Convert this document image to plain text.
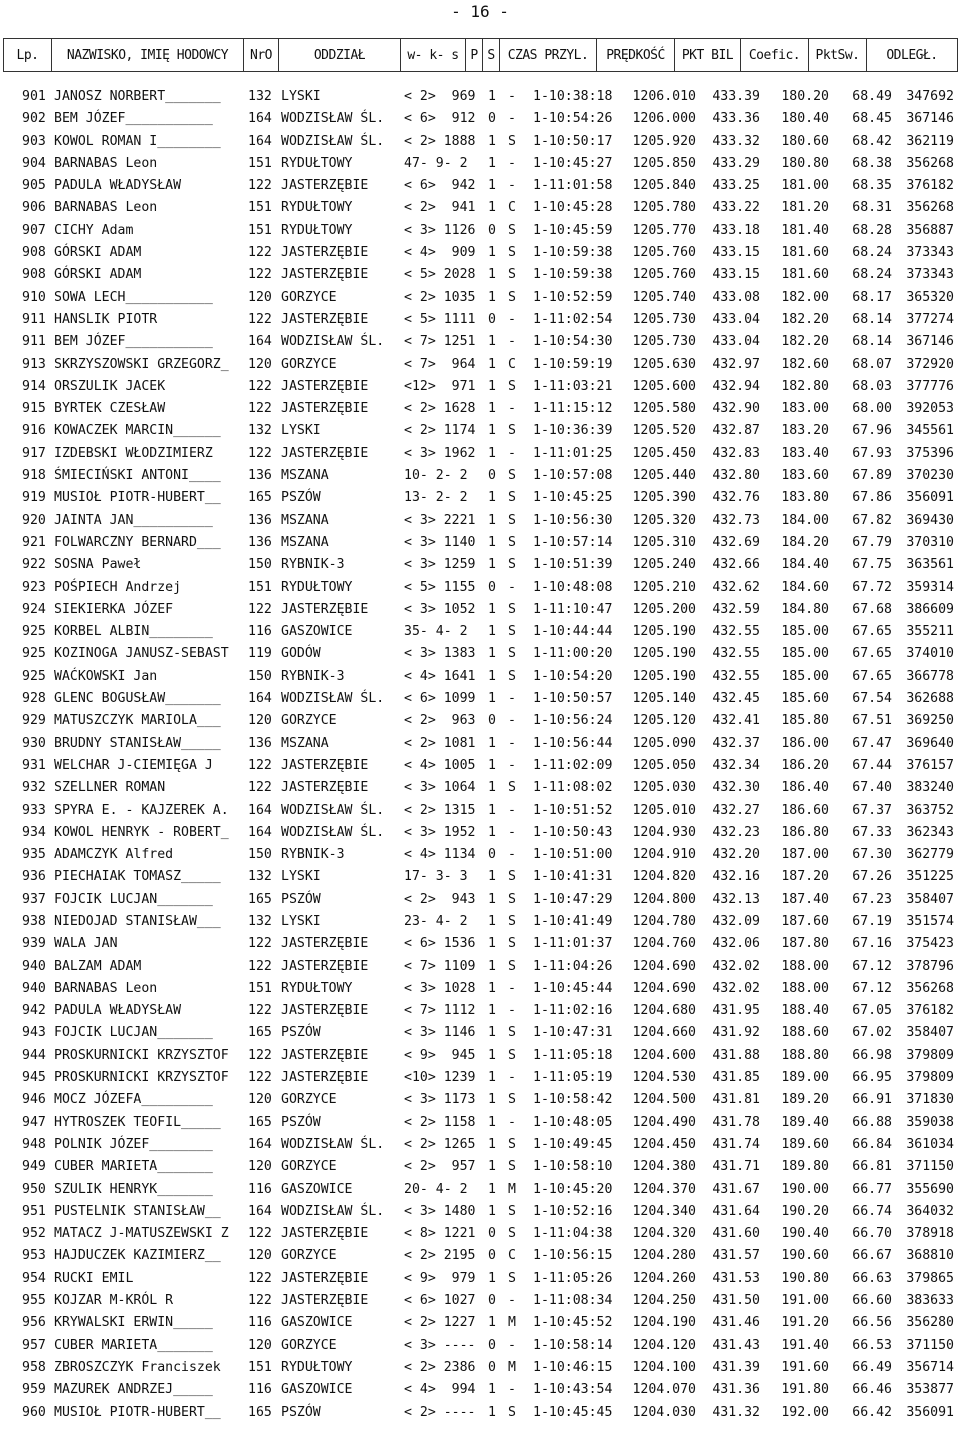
- 16 -
Lp.	NAZWISKO, IMIĘ HODOWCY	NrO	ODDZIAŁ	w- k- s	P	S	CZAS PRZYL.	PRĘDKOŚĆ	PKT BIL	Coefic.	PktSw.	ODLEGŁ.
901 JANOSZ NORBERT_______	132 LYSKI	< 2>  969 1 - 1-10:38:18 1206.010 433.39 180.20 68.49 347692
902 BEM JÓZEF___________	164 WODZISŁAW ŚL. < 6>  912 0 - 1-10:54:26 1206.000 433.36 180.40 68.45 367146
903 KOWOL ROMAN I________	164 WODZISŁAW ŚL. < 2> 1888 1 S 1-10:50:17 1205.920 433.32 180.60 68.42 362119
904 BARNABAS Leon	151 RYDUŁTOWY	47- 9- 2 1 - 1-10:45:27 1205.850 433.29 180.80 68.38 356268
905 PADULA WŁADYSŁAW	122 JASTERZĘBIE	< 6>  942 1 - 1-11:01:58 1205.840 433.25 181.00 68.35 376182
906 BARNABAS Leon	151 RYDUŁTOWY	< 2>  941 1 C 1-10:45:28 1205.780 433.22 181.20 68.31 356268
907 CICHY Adam	151 RYDUŁTOWY	< 3> 1126 0 S 1-10:45:59 1205.770 433.18 181.40 68.28 356887
908 GÓRSKI ADAM	122 JASTERZĘBIE	< 4>  909 1 S 1-10:59:38 1205.760 433.15 181.60 68.24 373343
908 GÓRSKI ADAM	122 JASTERZĘBIE	< 5> 2028 1 S 1-10:59:38 1205.760 433.15 181.60 68.24 373343
910 SOWA LECH___________	120 GORZYCE	< 2> 1035 1 S 1-10:52:59 1205.740 433.08 182.00 68.17 365320
911 HANSLIK PIOTR	122 JASTERZĘBIE	< 5> 1111 0 - 1-11:02:54 1205.730 433.04 182.20 68.14 377274
911 BEM JÓZEF___________	164 WODZISŁAW ŚL. < 7> 1251 1 - 1-10:54:30 1205.730 433.04 182.20 68.14 367146
913 SKRZYSZOWSKI GRZEGORZ_	120 GORZYCE	< 7>  964 1 C 1-10:59:19 1205.630 432.97 182.60 68.07 372920
914 ORSZULIK JACEK	122 JASTERZĘBIE	<12>  971 1 S 1-11:03:21 1205.600 432.94 182.80 68.03 377776
915 BYRTEK CZESŁAW	122 JASTERZĘBIE	< 2> 1628 1 - 1-11:15:12 1205.580 432.90 183.00 68.00 392053
916 KOWACZEK MARCIN______	132 LYSKI	< 2> 1174 1 S 1-10:36:39 1205.520 432.87 183.20 67.96 345561
917 IZDEBSKI WŁODZIMIERZ	122 JASTERZĘBIE	< 3> 1962 1 - 1-11:01:25 1205.450 432.83 183.40 67.93 375396
918 ŚMIECIŃSKI ANTONI____	136 MSZANA	10- 2- 2 0 S 1-10:57:08 1205.440 432.80 183.60 67.89 370230
919 MUSIOŁ PIOTR-HUBERT__	165 PSZÓW	13- 2- 2 1 S 1-10:45:25 1205.390 432.76 183.80 67.86 356091
920 JAINTA JAN__________	136 MSZANA	< 3> 2221 1 S 1-10:56:30 1205.320 432.73 184.00 67.82 369430
921 FOLWARCZNY BERNARD___	136 MSZANA	< 3> 1140 1 S 1-10:57:14 1205.310 432.69 184.20 67.79 370310
922 SOSNA Paweł	150 RYBNIK-3	< 3> 1259 1 S 1-10:51:39 1205.240 432.66 184.40 67.75 363561
923 POŚPIECH Andrzej	151 RYDUŁTOWY	< 5> 1155 0 - 1-10:48:08 1205.210 432.62 184.60 67.72 359314
924 SIEKIERKA JÓZEF	122 JASTERZĘBIE	< 3> 1052 1 S 1-11:10:47 1205.200 432.59 184.80 67.68 386609
925 KORBEL ALBIN________	116 GASZOWICE	35- 4- 2 1 S 1-10:44:44 1205.190 432.55 185.00 67.65 355211
925 KOZINOGA JANUSZ-SEBAST	119 GODÓW	< 3> 1383 1 S 1-11:00:20 1205.190 432.55 185.00 67.65 374010
925 WAĆKOWSKI Jan	150 RYBNIK-3	< 4> 1641 1 S 1-10:54:20 1205.190 432.55 185.00 67.65 366778
928 GLENC BOGUSŁAW_______	164 WODZISŁAW ŚL. < 6> 1099 1 - 1-10:50:57 1205.140 432.45 185.60 67.54 362688
929 MATUSZCZYK MARIOLA___	120 GORZYCE	< 2>  963 0 - 1-10:56:24 1205.120 432.41 185.80 67.51 369250
930 BRUDNY STANISŁAW_____	136 MSZANA	< 2> 1081 1 - 1-10:56:44 1205.090 432.37 186.00 67.47 369640
931 WELCHAR J-CIEMIĘGA J	122 JASTERZĘBIE	< 4> 1005 1 - 1-11:02:09 1205.050 432.34 186.20 67.44 376157
932 SZELLNER ROMAN	122 JASTERZĘBIE	< 3> 1064 1 S 1-11:08:02 1205.030 432.30 186.40 67.40 383240
933 SPYRA E. - KAJZEREK A.	164 WODZISŁAW ŚL. < 2> 1315 1 - 1-10:51:52 1205.010 432.27 186.60 67.37 363752
934 KOWOL HENRYK - ROBERT_	164 WODZISŁAW ŚL. < 3> 1952 1 - 1-10:50:43 1204.930 432.23 186.80 67.33 362343
935 ADAMCZYK Alfred	150 RYBNIK-3	< 4> 1134 0 - 1-10:51:00 1204.910 432.20 187.00 67.30 362779
936 PIECHAIAK TOMASZ_____	132 LYSKI	17- 3- 3 1 S 1-10:41:31 1204.820 432.16 187.20 67.26 351225
937 FOJCIK LUCJAN_______	165 PSZÓW	< 2>  943 1 S 1-10:47:29 1204.800 432.13 187.40 67.23 358407
938 NIEDOJAD STANISŁAW___	132 LYSKI	23- 4- 2 1 S 1-10:41:49 1204.780 432.09 187.60 67.19 351574
939 WALA JAN	122 JASTERZĘBIE	< 6> 1536 1 S 1-11:01:37 1204.760 432.06 187.80 67.16 375423
940 BALZAM ADAM	122 JASTERZĘBIE	< 7> 1109 1 S 1-11:04:26 1204.690 432.02 188.00 67.12 378796
940 BARNABAS Leon	151 RYDUŁTOWY	< 3> 1028 1 - 1-10:45:44 1204.690 432.02 188.00 67.12 356268
942 PADULA WŁADYSŁAW	122 JASTERZĘBIE	< 7> 1112 1 - 1-11:02:16 1204.680 431.95 188.40 67.05 376182
943 FOJCIK LUCJAN_______	165 PSZÓW	< 3> 1146 1 S 1-10:47:31 1204.660 431.92 188.60 67.02 358407
944 PROSKURNICKI KRZYSZTOF	122 JASTERZĘBIE	< 9>  945 1 S 1-11:05:18 1204.600 431.88 188.80 66.98 379809
945 PROSKURNICKI KRZYSZTOF	122 JASTERZĘBIE	<10> 1239 1 - 1-11:05:19 1204.530 431.85 189.00 66.95 379809
946 MOCZ JÓZEFA_________	120 GORZYCE	< 3> 1173 1 S 1-10:58:42 1204.500 431.81 189.20 66.91 371830
947 HYTROSZEK TEOFIL_____	165 PSZÓW	< 2> 1158 1 - 1-10:48:05 1204.490 431.78 189.40 66.88 359038
948 POLNIK JÓZEF________	164 WODZISŁAW ŚL. < 2> 1265 1 S 1-10:49:45 1204.450 431.74 189.60 66.84 361034
949 CUBER MARIETA_______	120 GORZYCE	< 2>  957 1 S 1-10:58:10 1204.380 431.71 189.80 66.81 371150
950 SZULIK HENRYK_______	116 GASZOWICE	20- 4- 2 1 M 1-10:45:20 1204.370 431.67 190.00 66.77 355690
951 PUSTELNIK STANISŁAW__	164 WODZISŁAW ŚL. < 3> 1480 1 S 1-10:52:16 1204.340 431.64 190.20 66.74 364032
952 MATACZ J-MATUSZEWSKI Z	122 JASTERZĘBIE	< 8> 1221 0 S 1-11:04:38 1204.320 431.60 190.40 66.70 378918
953 HAJDUCZEK KAZIMIERZ__	120 GORZYCE	< 2> 2195 0 C 1-10:56:15 1204.280 431.57 190.60 66.67 368810
954 RUCKI EMIL	122 JASTERZĘBIE	< 9>  979 1 S 1-11:05:26 1204.260 431.53 190.80 66.63 379865
955 KOJZAR M-KRÓL R	122 JASTERZĘBIE	< 6> 1027 0 - 1-11:08:34 1204.250 431.50 191.00 66.60 383633
956 KRYWALSKI ERWIN_____	116 GASZOWICE	< 2> 1227 1 M 1-10:45:52 1204.190 431.46 191.20 66.56 356280
957 CUBER MARIETA_______	120 GORZYCE	< 3> ---- 0 - 1-10:58:14 1204.120 431.43 191.40 66.53 371150
958 ZBROSZCZYK Franciszek	151 RYDUŁTOWY	< 2> 2386 0 M 1-10:46:15 1204.100 431.39 191.60 66.49 356714
959 MAZUREK ANDRZEJ_____	116 GASZOWICE	< 4>  994 1 - 1-10:43:54 1204.070 431.36 191.80 66.46 353877
960 MUSIOŁ PIOTR-HUBERT__	165 PSZÓW	< 2> ---- 1 S 1-10:45:45 1204.030 431.32 192.00 66.42 356091
